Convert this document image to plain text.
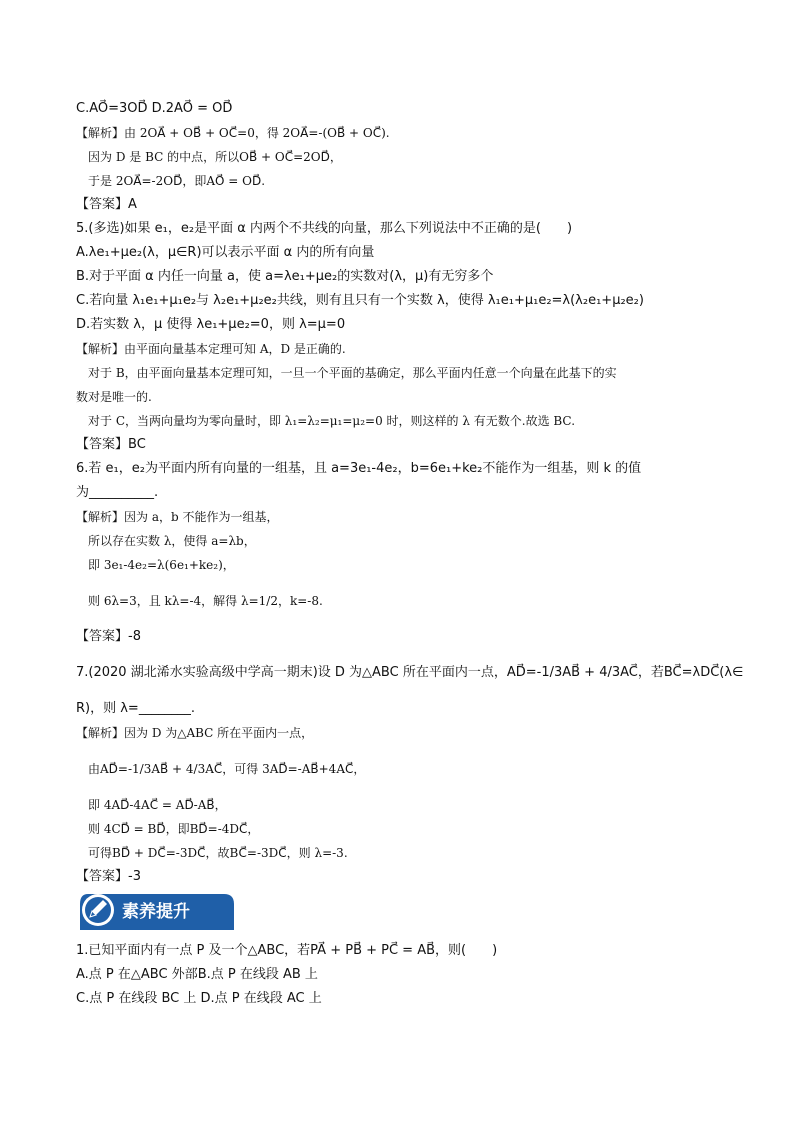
C.AO⃗=3OD⃗ D.2AO⃗ = OD⃗
【解析】由 2OA⃗ + OB⃗ + OC⃗=0，得 2OA⃗=-(OB⃗ + OC⃗).
因为 D 是 BC 的中点，所以OB⃗ + OC⃗=2OD⃗，
于是 2OA⃗=-2OD⃗，即AO⃗ = OD⃗.
【答案】A
5.(多选)如果 e₁，e₂是平面 α 内两个不共线的向量，那么下列说法中不正确的是(　　)
A.λe₁+μe₂(λ，μ∈R)可以表示平面 α 内的所有向量
B.对于平面 α 内任一向量 a，使 a=λe₁+μe₂的实数对(λ，μ)有无穷多个
C.若向量 λ₁e₁+μ₁e₂与 λ₂e₁+μ₂e₂共线，则有且只有一个实数 λ，使得 λ₁e₁+μ₁e₂=λ(λ₂e₁+μ₂e₂)
D.若实数 λ，μ 使得 λe₁+μe₂=0，则 λ=μ=0
【解析】由平面向量基本定理可知 A，D 是正确的.
对于 B，由平面向量基本定理可知，一旦一个平面的基确定，那么平面内任意一个向量在此基下的实
数对是唯一的.
对于 C，当两向量均为零向量时，即 λ₁=λ₂=μ₁=μ₂=0 时，则这样的 λ 有无数个.故选 BC.
【答案】BC
6.若 e₁，e₂为平面内所有向量的一组基，且 a=3e₁-4e₂，b=6e₁+ke₂不能作为一组基，则 k 的值
为__________.
【解析】因为 a，b 不能作为一组基，
所以存在实数 λ，使得 a=λb，
即 3e₁-4e₂=λ(6e₁+ke₂)，
则 6λ=3，且 kλ=-4，解得 λ=1/2，k=-8.
【答案】-8
7.(2020 湖北浠水实验高级中学高一期末)设 D 为△ABC 所在平面内一点，AD⃗=-1/3AB⃗ + 4/3AC⃗，若BC⃗=λDC⃗(λ∈
R)，则 λ=________.
【解析】因为 D 为△ABC 所在平面内一点，
由AD⃗=-1/3AB⃗ + 4/3AC⃗，可得 3AD⃗=-AB⃗+4AC⃗，
即 4AD⃗-4AC⃗ = AD⃗-AB⃗，
则 4CD⃗ = BD⃗，即BD⃗=-4DC⃗，
可得BD⃗ + DC⃗=-3DC⃗，故BC⃗=-3DC⃗，则 λ=-3.
【答案】-3
1.已知平面内有一点 P 及一个△ABC，若PA⃗ + PB⃗ + PC⃗ = AB⃗，则(　　)
A.点 P 在△ABC 外部B.点 P 在线段 AB 上
C.点 P 在线段 BC 上 D.点 P 在线段 AC 上
素养提升
